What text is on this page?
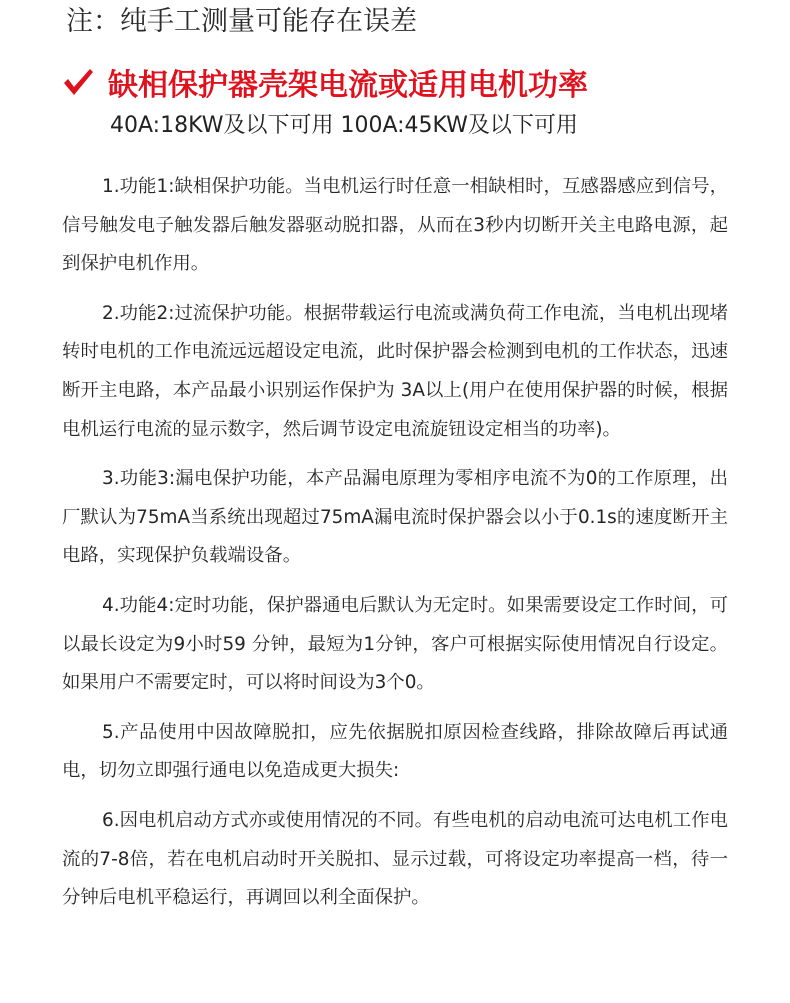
注：纯手工测量可能存在误差
缺相保护器壳架电流或适用电机功率
40A:18KW及以下可用 100A:45KW及以下可用

1.功能1:缺相保护功能。当电机运行时任意一相缺相时，互感器感应到信号，信号触发电子触发器后触发器驱动脱扣器，从而在3秒内切断开关主电路电源，起到保护电机作用。

2.功能2:过流保护功能。根据带载运行电流或满负荷工作电流，当电机出现堵转时电机的工作电流远远超设定电流，此时保护器会检测到电机的工作状态，迅速断开主电路，本产品最小识别运作保护为 3A以上(用户在使用保护器的时候，根据电机运行电流的显示数字，然后调节设定电流旋钮设定相当的功率)。

3.功能3:漏电保护功能，本产品漏电原理为零相序电流不为0的工作原理，出厂默认为75mA当系统出现超过75mA漏电流时保护器会以小于0.1s的速度断开主电路，实现保护负载端设备。

4.功能4:定时功能，保护器通电后默认为无定时。如果需要设定工作时间，可以最长设定为9小时59 分钟，最短为1分钟，客户可根据实际使用情况自行设定。如果用户不需要定时，可以将时间设为3个0。

5.产品使用中因故障脱扣，应先依据脱扣原因检查线路，排除故障后再试通电，切勿立即强行通电以免造成更大损失:

6.因电机启动方式亦或使用情况的不同。有些电机的启动电流可达电机工作电流的7-8倍，若在电机启动时开关脱扣、显示过载，可将设定功率提高一档，待一分钟后电机平稳运行，再调回以利全面保护。
